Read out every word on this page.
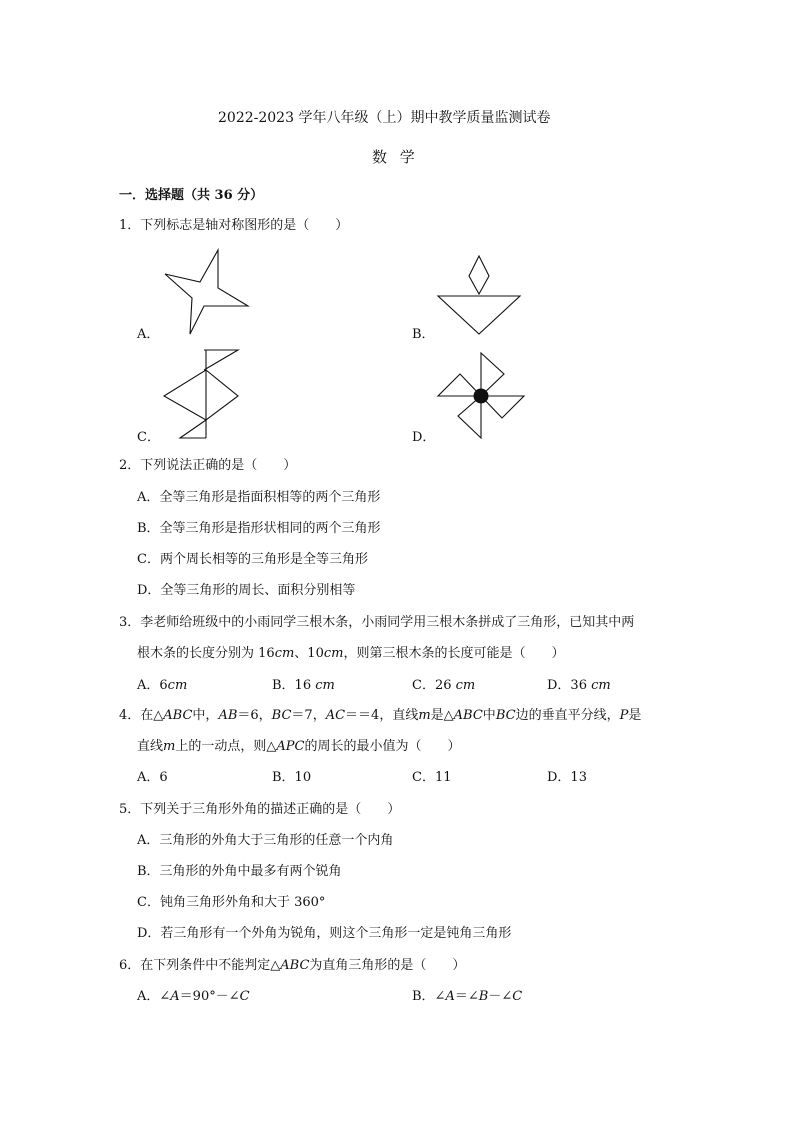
2022-2023 学年八年级（上）期中教学质量监测试卷
数 学
一．选择题（共 36 分）
1．下列标志是轴对称图形的是（　　）
A．	B．
C．	D．
2．下列说法正确的是（　　）
A．全等三角形是指面积相等的两个三角形
B．全等三角形是指形状相同的两个三角形
C．两个周长相等的三角形是全等三角形
D．全等三角形的周长、面积分别相等
3．李老师给班级中的小雨同学三根木条，小雨同学用三根木条拼成了三角形，已知其中两
根木条的长度分别为 16cm、10cm，则第三根木条的长度可能是（　　）
A．6cm	B．16 cm	C．26 cm	D．36 cm
4．在△ABC中，AB＝6，BC＝7，AC＝＝4，直线m是△ABC中BC边的垂直平分线，P是
直线m上的一动点，则△APC的周长的最小值为（　　）
A．6	B．10	C．11	D．13
5．下列关于三角形外角的描述正确的是（　　）
A．三角形的外角大于三角形的任意一个内角
B．三角形的外角中最多有两个锐角
C．钝角三角形外角和大于 360°
D．若三角形有一个外角为锐角，则这个三角形一定是钝角三角形
6．在下列条件中不能判定△ABC为直角三角形的是（　　）
A．∠A＝90°－∠C	B．∠A＝∠B－∠C
